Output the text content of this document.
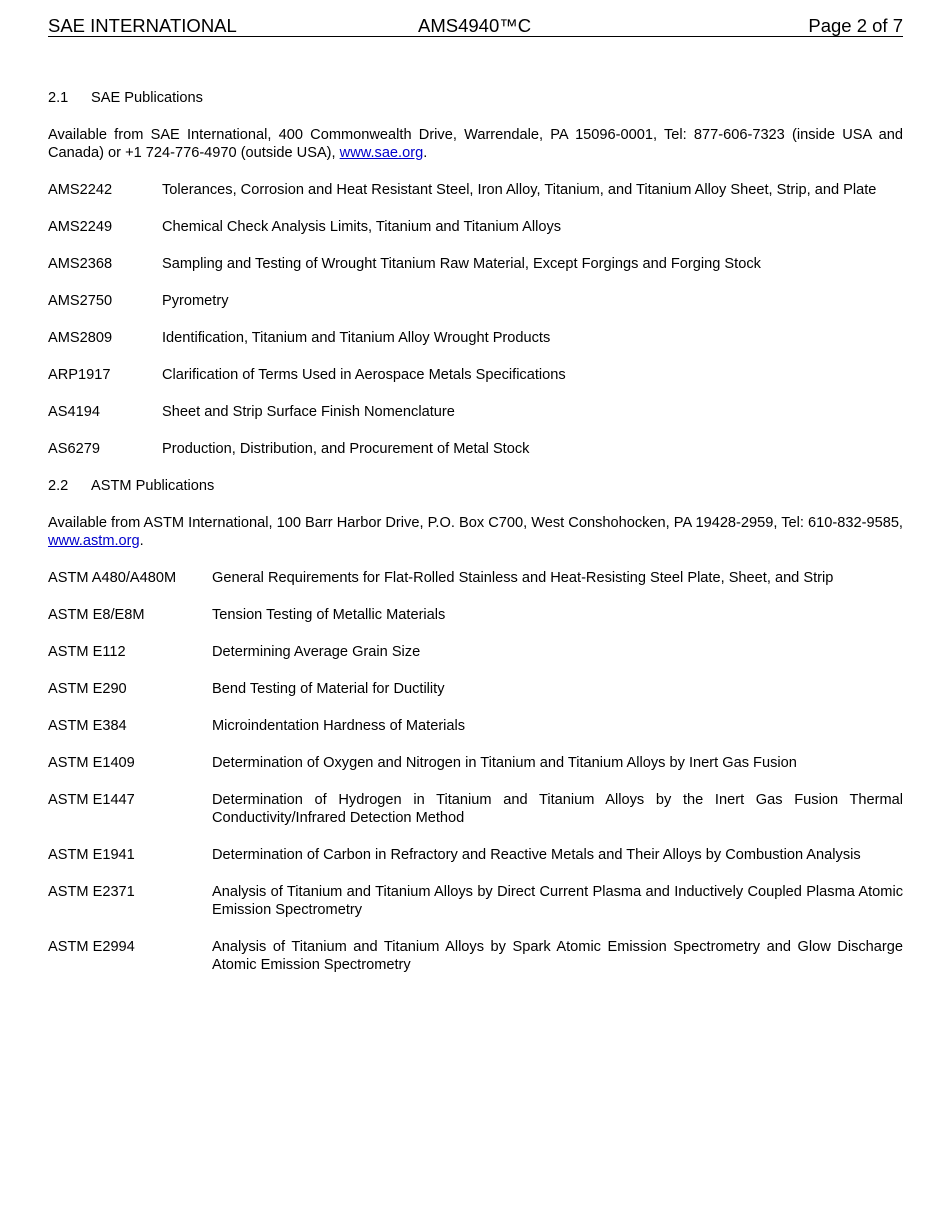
SAE INTERNATIONAL	AMS4940™C	Page 2 of 7
2.1 SAE Publications

Available from SAE International, 400 Commonwealth Drive, Warrendale, PA 15096-0001, Tel: 877-606-7323 (inside USA and Canada) or +1 724-776-4970 (outside USA), www.sae.org.

AMS2242	Tolerances, Corrosion and Heat Resistant Steel, Iron Alloy, Titanium, and Titanium Alloy Sheet, Strip, and Plate
AMS2249	Chemical Check Analysis Limits, Titanium and Titanium Alloys
AMS2368	Sampling and Testing of Wrought Titanium Raw Material, Except Forgings and Forging Stock
AMS2750	Pyrometry
AMS2809	Identification, Titanium and Titanium Alloy Wrought Products
ARP1917	Clarification of Terms Used in Aerospace Metals Specifications
AS4194	Sheet and Strip Surface Finish Nomenclature
AS6279	Production, Distribution, and Procurement of Metal Stock
2.2 ASTM Publications

Available from ASTM International, 100 Barr Harbor Drive, P.O. Box C700, West Conshohocken, PA 19428-2959, Tel: 610-832-9585, www.astm.org.

ASTM A480/A480M	General Requirements for Flat-Rolled Stainless and Heat-Resisting Steel Plate, Sheet, and Strip
ASTM E8/E8M	Tension Testing of Metallic Materials
ASTM E112	Determining Average Grain Size
ASTM E290	Bend Testing of Material for Ductility
ASTM E384	Microindentation Hardness of Materials
ASTM E1409	Determination of Oxygen and Nitrogen in Titanium and Titanium Alloys by Inert Gas Fusion
ASTM E1447	Determination of Hydrogen in Titanium and Titanium Alloys by the Inert Gas Fusion Thermal Conductivity/Infrared Detection Method
ASTM E1941	Determination of Carbon in Refractory and Reactive Metals and Their Alloys by Combustion Analysis
ASTM E2371	Analysis of Titanium and Titanium Alloys by Direct Current Plasma and Inductively Coupled Plasma Atomic Emission Spectrometry
ASTM E2994	Analysis of Titanium and Titanium Alloys by Spark Atomic Emission Spectrometry and Glow Discharge Atomic Emission Spectrometry
